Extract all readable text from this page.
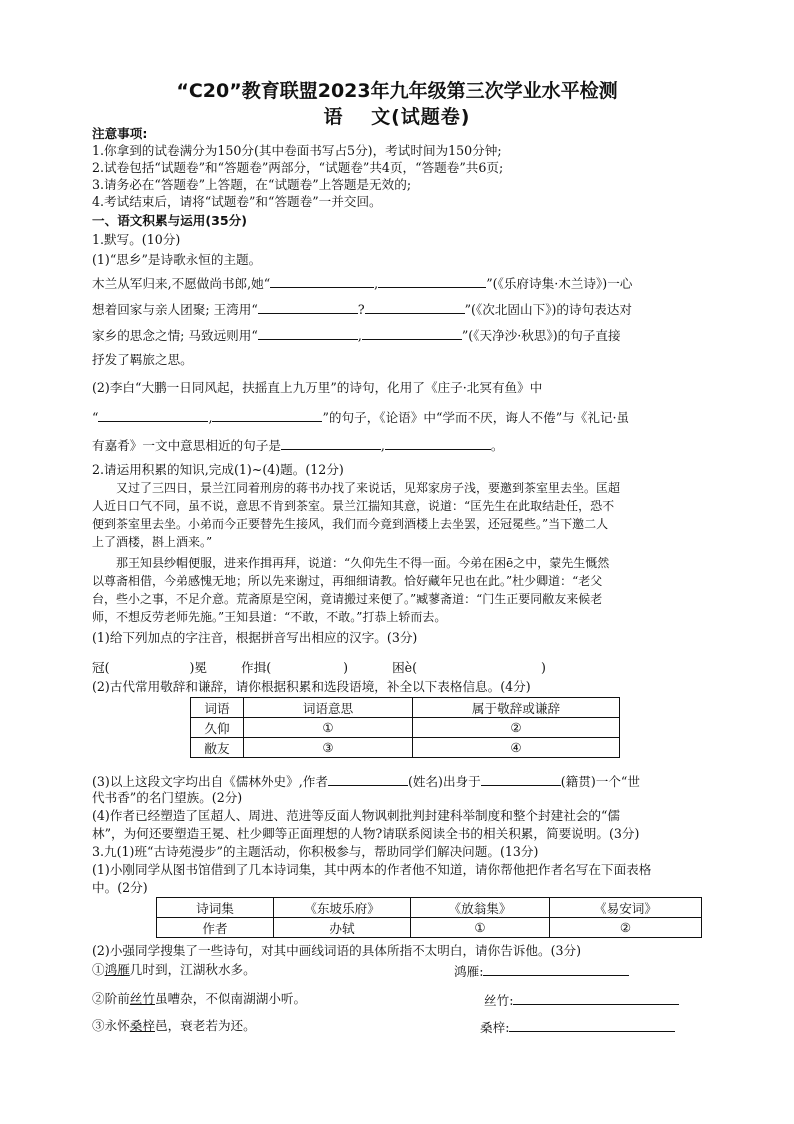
“C20”教育联盟2023年九年级第三次学业水平检测
语　 文(试题卷)
注意事项:
1.你拿到的试卷满分为150分(其中卷面书写占5分)，考试时间为150分钟;
2.试卷包括“试题卷”和“答题卷”两部分，“试题卷”共4页，“答题卷”共6页;
3.请务必在“答题卷”上答题，在“试题卷”上答题是无效的;
4.考试结束后，请将“试题卷”和“答题卷”一并交回。
一、语文积累与运用(35分)
1.默写。(10分)
(1)“思乡”是诗歌永恒的主题。
木兰从军归来,不愿做尚书郎,她“	,	”(《乐府诗集·木兰诗》)一心
想着回家与亲人团聚; 王湾用“	?	”(《次北固山下》)的诗句表达对
家乡的思念之情; 马致远则用“	,	”(《天净沙·秋思》)的句子直接
抒发了羁旅之思。
(2)李白“大鹏一日同风起，扶摇直上九万里”的诗句，化用了《庄子·北冥有鱼》中
“	,	”的句子，《论语》中“学而不厌，诲人不倦”与《礼记·虽
有嘉肴》一文中意思相近的句子是	,	。
2.请运用积累的知识,完成(1)~(4)题。(12分)
又过了三四日，景兰江同着刑房的蒋书办找了来说话，见郑家房子浅，要邀到茶室里去坐。匡超
人近日口气不同，虽不说，意思不肯到茶室。景兰江揣知其意，说道：“匡先生在此取结赴任，恐不
便到茶室里去坐。小弟而今正要替先生接风，我们而今竟到酒楼上去坐罢，还冠冕些。”当下邀二人
上了酒楼，斟上酒来。”
那王知县纱帽便服，进来作揖再拜，说道：“久仰先生不得一面。今弟在困ē之中，蒙先生慨然
以尊斋相借，今弟感愧无地；所以先来谢过，再细细请教。恰好藏年兄也在此。”杜少卿道：“老父
台，些小之事，不足介意。荒斋原是空闲，竟请搬过来便了。”臧蓼斋道：“门生正要同敝友来候老
师，不想反劳老师先施。”王知县道：“不敢，不敢。”打恭上轿而去。
(1)给下列加点的字注音，根据拼音写出相应的汉字。(3分)
冠(	)冕	作揖(	)	困è(	)
(2)古代常用敬辞和谦辞，请你根据积累和选段语境，补全以下表格信息。(4分)
词语	词语意思	属于敬辞或谦辞
久仰	①	②
敝友	③	④
(3)以上这段文字均出自《儒林外史》,作者	(姓名)出身于	(籍贯)一个“世
代书香”的名门望族。(2分)
(4)作者已经塑造了匡超人、周进、范进等反面人物讽刺批判封建科举制度和整个封建社会的“儒
林”，为何还要塑造王冕、杜少卿等正面理想的人物?请联系阅读全书的相关积累，简要说明。(3分)
3.九(1)班“古诗苑漫步”的主题活动，你积极参与，帮助同学们解决问题。(13分)
(1)小刚同学从图书馆借到了几本诗词集，其中两本的作者他不知道，请你帮他把作者名写在下面表格
中。(2分)
诗词集	《东坡乐府》	《放翁集》	《易安词》
作者	办轼	①	②
(2)小强同学搜集了一些诗句，对其中画线词语的具体所指不太明白，请你告诉他。(3分)
①鸿雁几时到，江湖秋水多。	鸿雁:
②阶前丝竹虽嘈杂，不似南湖湖小听。	丝竹:
③永怀桑梓邑，衰老若为还。	桑梓:
